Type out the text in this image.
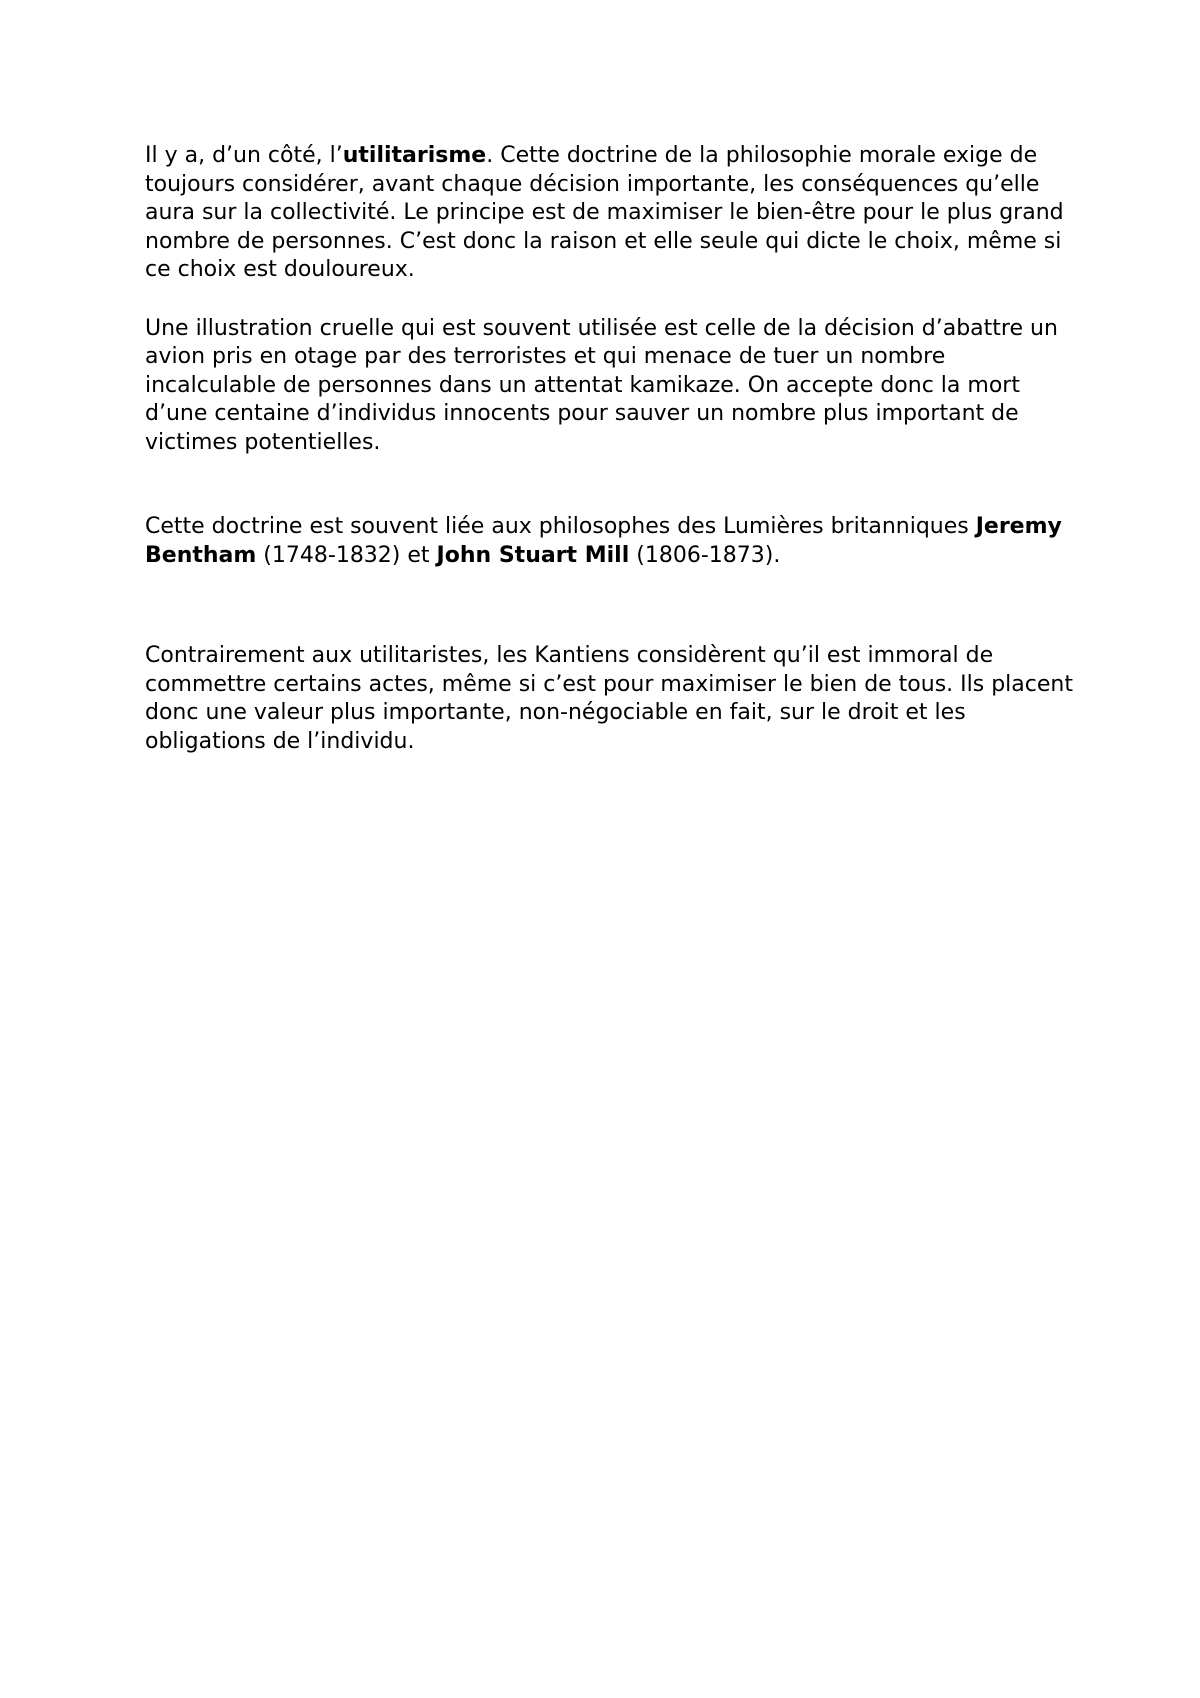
Il y a, d’un côté, l’utilitarisme. Cette doctrine de la philosophie morale exige de toujours considérer, avant chaque décision importante, les conséquences qu’elle aura sur la collectivité. Le principe est de maximiser le bien-être pour le plus grand nombre de personnes. C’est donc la raison et elle seule qui dicte le choix, même si ce choix est douloureux.

Une illustration cruelle qui est souvent utilisée est celle de la décision d’abattre un avion pris en otage par des terroristes et qui menace de tuer un nombre incalculable de personnes dans un attentat kamikaze. On accepte donc la mort d’une centaine d’individus innocents pour sauver un nombre plus important de victimes potentielles.

Cette doctrine est souvent liée aux philosophes des Lumières britanniques Jeremy Bentham (1748-1832) et John Stuart Mill (1806-1873).

Contrairement aux utilitaristes, les Kantiens considèrent qu’il est immoral de commettre certains actes, même si c’est pour maximiser le bien de tous. Ils placent donc une valeur plus importante, non-négociable en fait, sur le droit et les obligations de l’individu.
